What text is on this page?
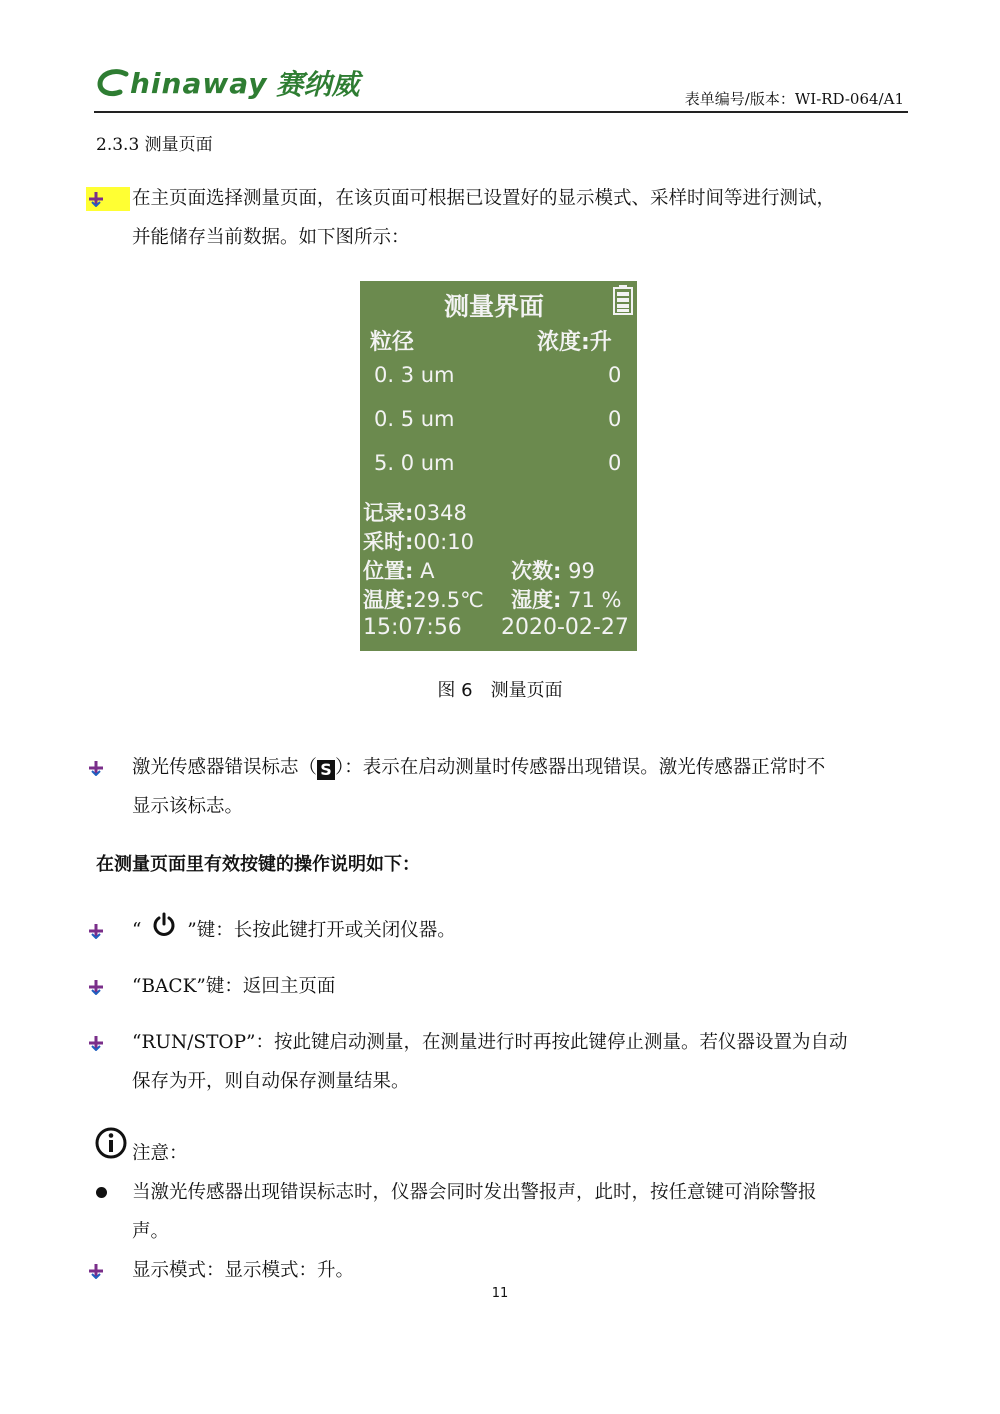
hinaway 赛纳威	表单编号/版本：WI-RD-064/A1
2.3.3 测量页面
在主页面选择测量页面，在该页面可根据已设置好的显示模式、采样时间等进行测试，
并能储存当前数据。如下图所示：
测量界面
粒径	浓度:升
0. 3 um	0
0. 5 um	0
5. 0 um	0
记录:0348
采时:00:10
位置: A	次数: 99
温度:29.5℃ 湿度: 71 %
15:07:56 2020-02-27
图 6　测量页面
激光传感器错误标志（ S ）：表示在启动测量时传感器出现错误。激光传感器正常时不
显示该标志。
在测量页面里有效按键的操作说明如下：
“ ”键：长按此键打开或关闭仪器。
“BACK”键：返回主页面
“RUN/STOP”：按此键启动测量，在测量进行时再按此键停止测量。若仪器设置为自动
保存为开，则自动保存测量结果。
注意：
当激光传感器出现错误标志时，仪器会同时发出警报声，此时，按任意键可消除警报
声。
显示模式：显示模式：升。
11
